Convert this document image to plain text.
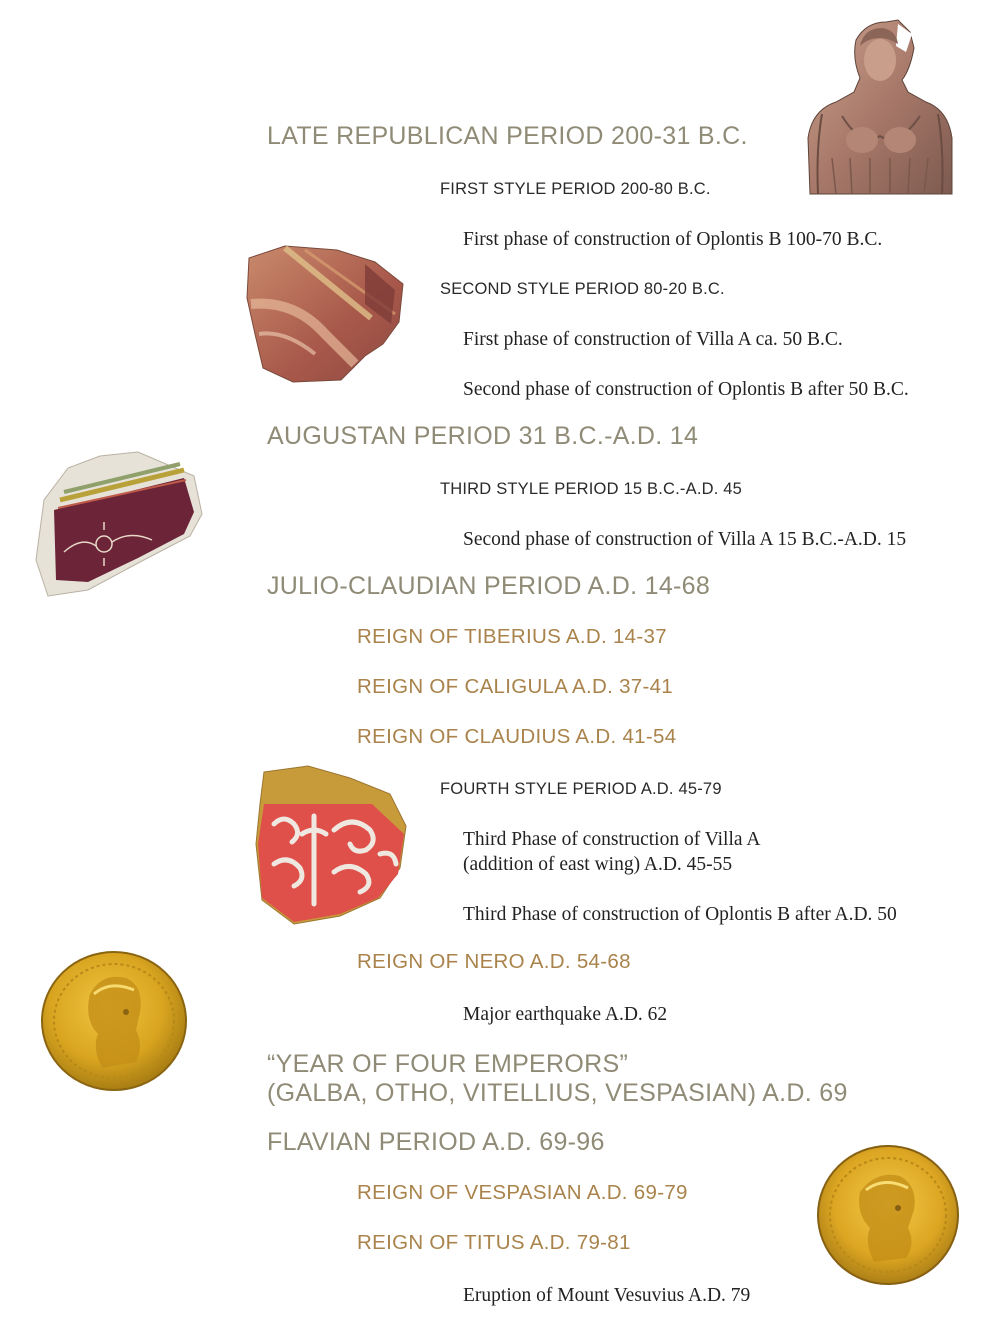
LATE REPUBLICAN PERIOD 200-31 B.C.

FIRST STYLE PERIOD 200-80 B.C.

First phase of construction of Oplontis B 100-70 B.C.

SECOND STYLE PERIOD 80-20 B.C.

First phase of construction of Villa A ca. 50 B.C.

Second phase of construction of Oplontis B after 50 B.C.

AUGUSTAN PERIOD 31 B.C.-A.D. 14

THIRD STYLE PERIOD 15 B.C.-A.D. 45

Second phase of construction of Villa A 15 B.C.-A.D. 15

JULIO-CLAUDIAN PERIOD A.D. 14-68

REIGN OF TIBERIUS A.D. 14-37

REIGN OF CALIGULA A.D. 37-41

REIGN OF CLAUDIUS A.D. 41-54

FOURTH STYLE PERIOD A.D. 45-79

Third Phase of construction of Villa A
(addition of east wing) A.D. 45-55

Third Phase of construction of Oplontis B after A.D. 50

REIGN OF NERO A.D. 54-68

Major earthquake A.D. 62

“YEAR OF FOUR EMPERORS”
(GALBA, OTHO, VITELLIUS, VESPASIAN) A.D. 69

FLAVIAN PERIOD A.D. 69-96

REIGN OF VESPASIAN A.D. 69-79

REIGN OF TITUS A.D. 79-81

Eruption of Mount Vesuvius A.D. 79
